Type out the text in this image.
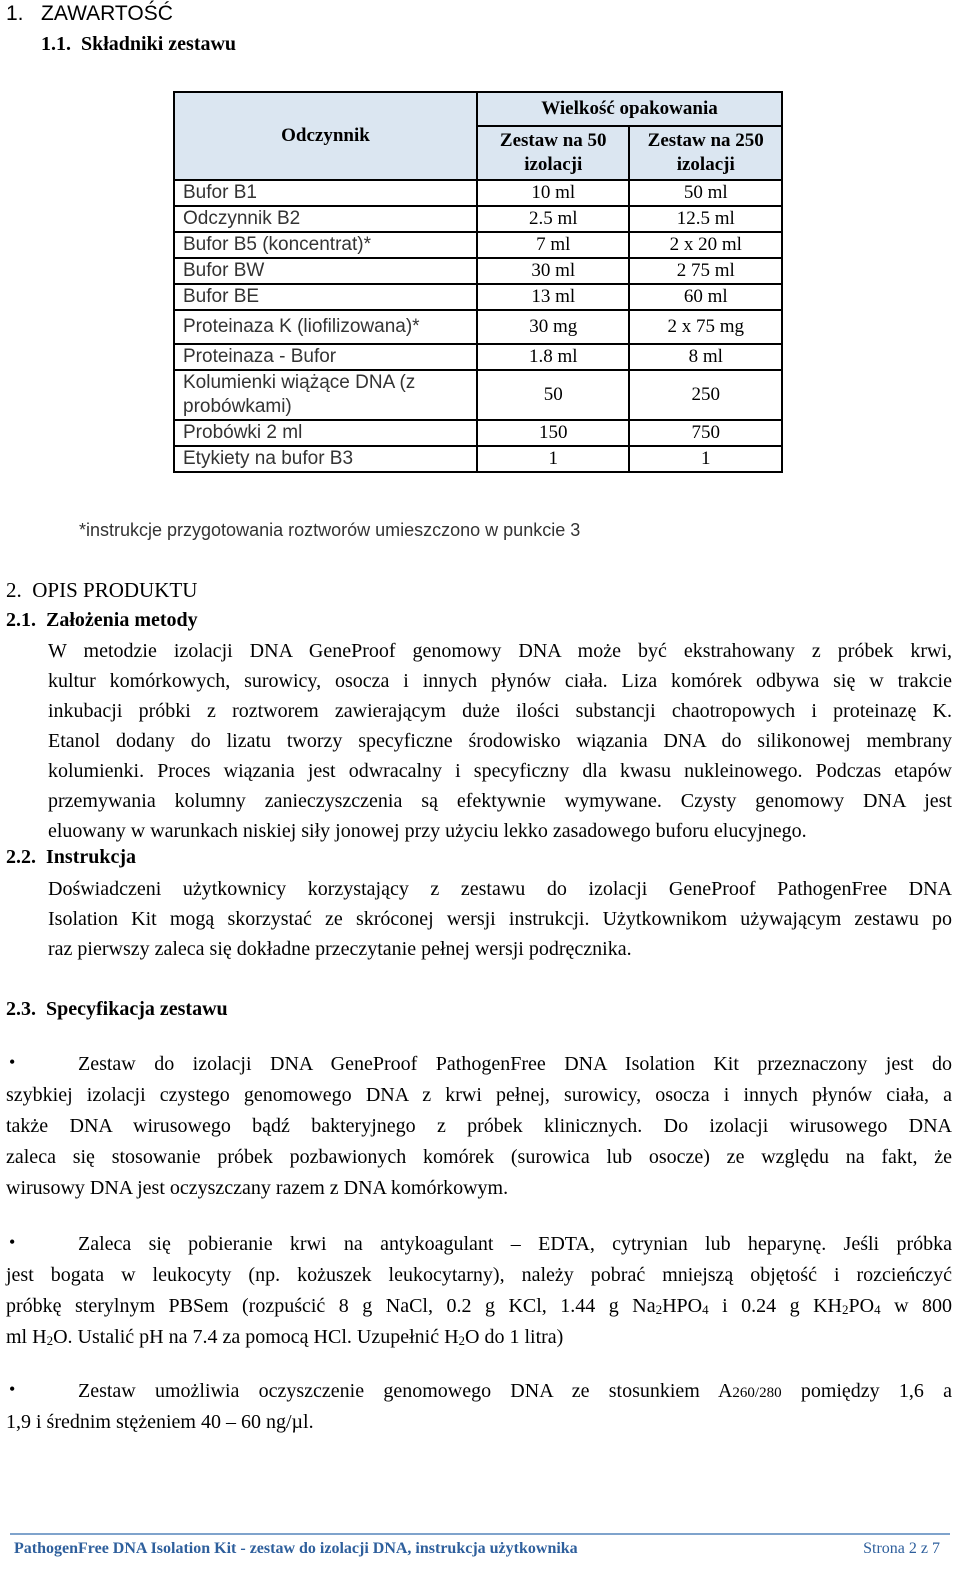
1. ZAWARTOŚĆ
1.1. Składniki zestawu
Odczynnik	Wielkość opakowania	
	Zestaw na 50 izolacji	Zestaw na 250 izolacji
Bufor B1	10 ml	50 ml
Odczynnik B2	2.5 ml	12.5 ml
Bufor B5 (koncentrat)*	7 ml	2 x 20 ml
Bufor BW	30 ml	2 75 ml
Bufor BE	13 ml	60 ml
Proteinaza K (liofilizowana)*	30 mg	2 x 75 mg
Proteinaza - Bufor	1.8 ml	8 ml
Kolumienki wiążące DNA (z probówkami)	50	250
Probówki 2 ml	150	750
Etykiety na bufor B3	1	1
*instrukcje przygotowania roztworów umieszczono w punkcie 3
2. OPIS PRODUKTU
2.1. Założenia metody
W metodzie izolacji DNA GeneProof genomowy DNA może być ekstrahowany z próbek krwi,
kultur komórkowych, surowicy, osocza i innych płynów ciała. Liza komórek odbywa się w trakcie
inkubacji próbki z roztworem zawierającym duże ilości substancji chaotropowych i proteinazę K.
Etanol dodany do lizatu tworzy specyficzne środowisko wiązania DNA do silikonowej membrany
kolumienki. Proces wiązania jest odwracalny i specyficzny dla kwasu nukleinowego. Podczas etapów
przemywania kolumny zanieczyszczenia są efektywnie wymywane. Czysty genomowy DNA jest
eluowany w warunkach niskiej siły jonowej przy użyciu lekko zasadowego buforu elucyjnego.
2.2. Instrukcja
Doświadczeni użytkownicy korzystający z zestawu do izolacji GeneProof PathogenFree DNA
Isolation Kit mogą skorzystać ze skróconej wersji instrukcji. Użytkownikom używającym zestawu po
raz pierwszy zaleca się dokładne przeczytanie pełnej wersji podręcznika.
2.3. Specyfikacja zestawu
•	Zestaw do izolacji DNA GeneProof PathogenFree DNA Isolation Kit przeznaczony jest do
szybkiej izolacji czystego genomowego DNA z krwi pełnej, surowicy, osocza i innych płynów ciała, a
także DNA wirusowego bądź bakteryjnego z próbek klinicznych. Do izolacji wirusowego DNA
zaleca się stosowanie próbek pozbawionych komórek (surowica lub osocze) ze względu na fakt, że
wirusowy DNA jest oczyszczany razem z DNA komórkowym.
•	Zaleca się pobieranie krwi na antykoagulant – EDTA, cytrynian lub heparynę. Jeśli próbka
jest bogata w leukocyty (np. kożuszek leukocytarny), należy pobrać mniejszą objętość i rozcieńczyć
próbkę sterylnym PBSem (rozpuścić 8 g NaCl, 0.2 g KCl, 1.44 g Na2HPO4 i 0.24 g KH2PO4 w 800
ml H2O. Ustalić pH na 7.4 za pomocą HCl. Uzupełnić H2O do 1 litra)
•	Zestaw umożliwia oczyszczenie genomowego DNA ze stosunkiem A260/280 pomiędzy 1,6 a
1,9 i średnim stężeniem 40 – 60 ng/µl.
PathogenFree DNA Isolation Kit - zestaw do izolacji DNA, instrukcja użytkownika	Strona 2 z 7
